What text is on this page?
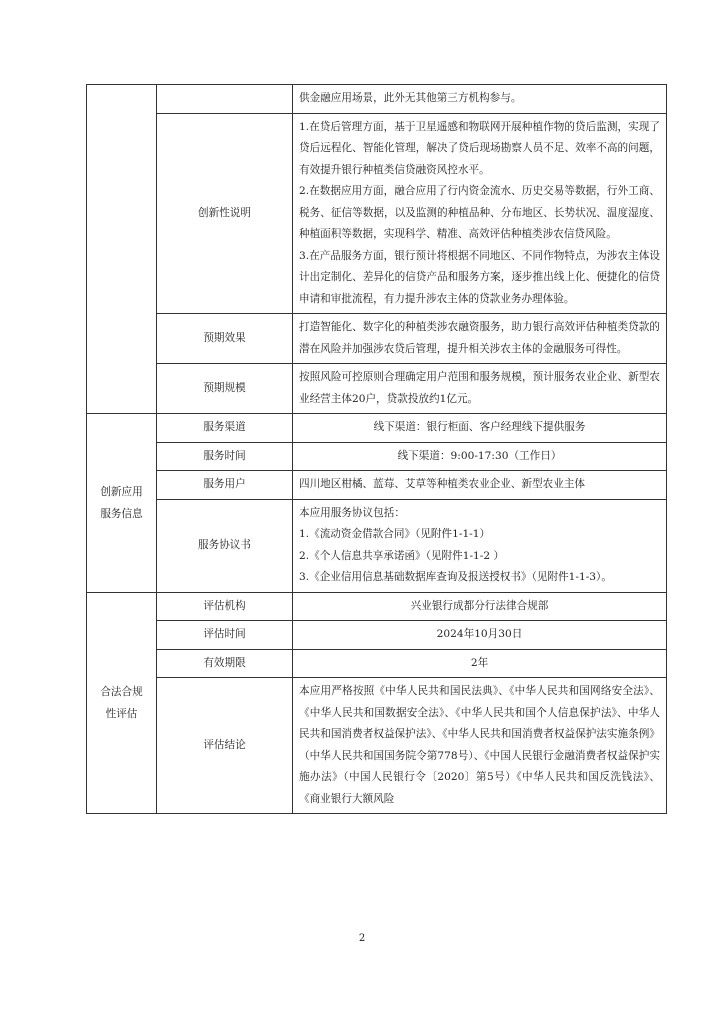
		供金融应用场景，此外无其他第三方机构参与。
	创新性说明	1.在贷后管理方面，基于卫星遥感和物联网开展种植作物的贷后监测，实现了贷后远程化、智能化管理，解决了贷后现场勘察人员不足、效率不高的问题，有效提升银行种植类信贷融资风控水平。

2.在数据应用方面，融合应用了行内资金流水、历史交易等数据，行外工商、税务、征信等数据，以及监测的种植品种、分布地区、长势状况、温度湿度、种植面积等数据，实现科学、精准、高效评估种植类涉农信贷风险。

3.在产品服务方面，银行预计将根据不同地区、不同作物特点，为涉农主体设计出定制化、差异化的信贷产品和服务方案，逐步推出线上化、便捷化的信贷申请和审批流程，有力提升涉农主体的贷款业务办理体验。

	预期效果	打造智能化、数字化的种植类涉农融资服务，助力银行高效评估种植类贷款的潜在风险并加强涉农贷后管理，提升相关涉农主体的金融服务可得性。
	预期规模	按照风险可控原则合理确定用户范围和服务规模，预计服务农业企业、新型农业经营主体20户，贷款投放约1亿元。

创新应用
服务信息	服务渠道	线下渠道：银行柜面、客户经理线下提供服务
	服务时间	线下渠道：9:00-17:30（工作日）
	服务用户	四川地区柑橘、蓝莓、艾草等种植类农业企业、新型农业主体
	服务协议书	本应用服务协议包括：

1.《流动资金借款合同》（见附件1-1-1）

2.《个人信息共享承诺函》（见附件1-1-2 ）

3.《企业信用信息基础数据库查询及报送授权书》（见附件1-1-3）。

合法合规
性评估	评估机构	兴业银行成都分行法律合规部
	评估时间	2024年10月30日
	有效期限	2年
	评估结论	本应用严格按照《中华人民共和国民法典》、《中华人民共和国网络安全法》、《中华人民共和国数据安全法》、《中华人民共和国个人信息保护法》、中华人民共和国消费者权益保护法》、《中华人民共和国消费者权益保护法实施条例》（中华人民共和国国务院令第778号）、《中国人民银行金融消费者权益保护实施办法》（中国人民银行令〔2020〕第5号）《中华人民共和国反洗钱法》、《商业银行大额风险
2
